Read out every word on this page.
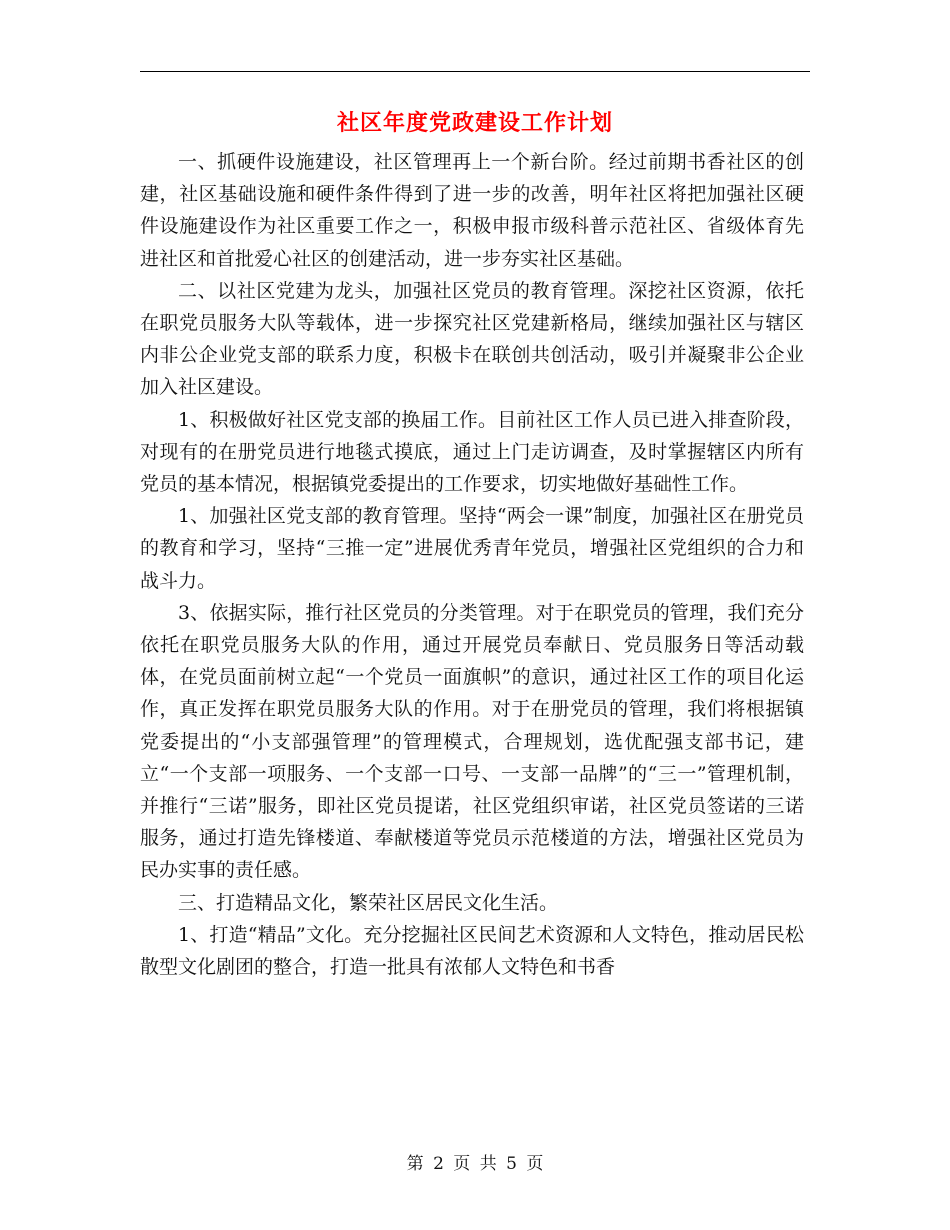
社区年度党政建设工作计划

一、抓硬件设施建设，社区管理再上一个新台阶。经过前期书香社区的创建，社区基础设施和硬件条件得到了进一步的改善，明年社区将把加强社区硬件设施建设作为社区重要工作之一，积极申报市级科普示范社区、省级体育先进社区和首批爱心社区的创建活动，进一步夯实社区基础。

二、以社区党建为龙头，加强社区党员的教育管理。深挖社区资源，依托在职党员服务大队等载体，进一步探究社区党建新格局，继续加强社区与辖区内非公企业党支部的联系力度，积极卡在联创共创活动，吸引并凝聚非公企业加入社区建设。

1、积极做好社区党支部的换届工作。目前社区工作人员已进入排查阶段，对现有的在册党员进行地毯式摸底，通过上门走访调查，及时掌握辖区内所有党员的基本情况，根据镇党委提出的工作要求，切实地做好基础性工作。

1、加强社区党支部的教育管理。坚持“两会一课”制度，加强社区在册党员的教育和学习，坚持“三推一定”进展优秀青年党员，增强社区党组织的合力和战斗力。

3、依据实际，推行社区党员的分类管理。对于在职党员的管理，我们充分依托在职党员服务大队的作用，通过开展党员奉献日、党员服务日等活动载体，在党员面前树立起“一个党员一面旗帜”的意识，通过社区工作的项目化运作，真正发挥在职党员服务大队的作用。对于在册党员的管理，我们将根据镇党委提出的“小支部强管理”的管理模式，合理规划，选优配强支部书记，建立“一个支部一项服务、一个支部一口号、一支部一品牌”的“三一”管理机制，并推行“三诺”服务，即社区党员提诺，社区党组织审诺，社区党员签诺的三诺服务，通过打造先锋楼道、奉献楼道等党员示范楼道的方法，增强社区党员为民办实事的责任感。

三、打造精品文化，繁荣社区居民文化生活。

1、打造“精品”文化。充分挖掘社区民间艺术资源和人文特色，推动居民松散型文化剧团的整合，打造一批具有浓郁人文特色和书香

第 2 页 共 5 页
